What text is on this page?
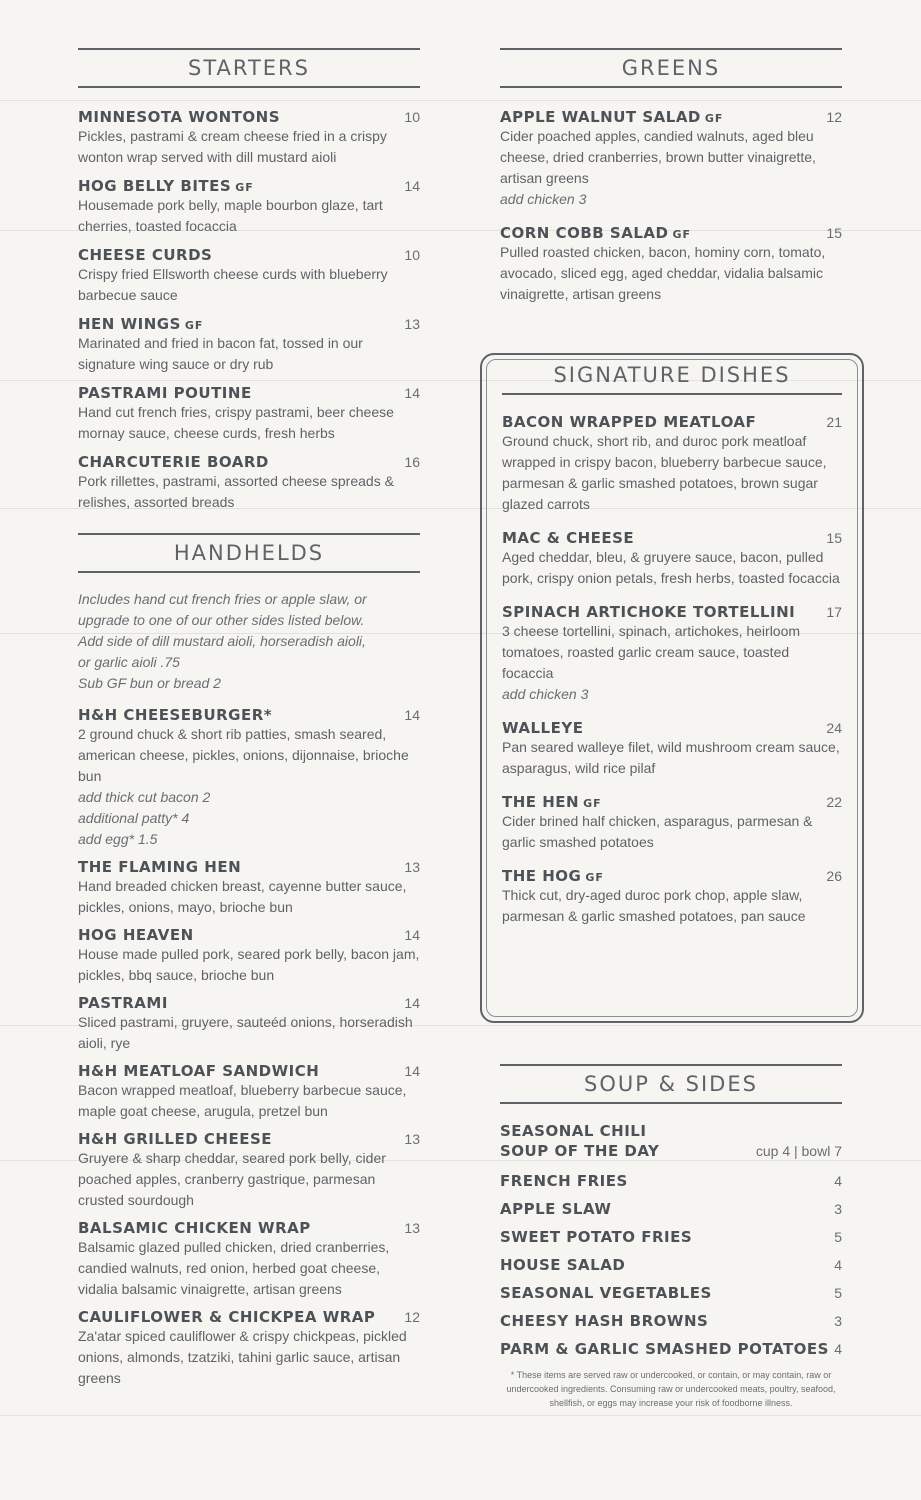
STARTERS
MINNESOTA WONTONS	10
Pickles, pastrami & cream cheese fried in a crispy wonton wrap served with dill mustard aioli
HOG BELLY BITES GF	14
Housemade pork belly, maple bourbon glaze, tart cherries, toasted focaccia
CHEESE CURDS	10
Crispy fried Ellsworth cheese curds with blueberry barbecue sauce
HEN WINGS GF	13
Marinated and fried in bacon fat, tossed in our signature wing sauce or dry rub
PASTRAMI POUTINE	14
Hand cut french fries, crispy pastrami, beer cheese mornay sauce, cheese curds, fresh herbs
CHARCUTERIE BOARD	16
Pork rillettes, pastrami, assorted cheese spreads & relishes, assorted breads
HANDHELDS
Includes hand cut french fries or apple slaw, or
upgrade to one of our other sides listed below.
Add side of dill mustard aioli, horseradish aioli,
or garlic aioli .75
Sub GF bun or bread 2
H&H CHEESEBURGER*	14
2 ground chuck & short rib patties, smash seared, american cheese, pickles, onions, dijonnaise, brioche bun
add thick cut bacon 2
additional patty* 4
add egg* 1.5
THE FLAMING HEN	13
Hand breaded chicken breast, cayenne butter sauce, pickles, onions, mayo, brioche bun
HOG HEAVEN	14
House made pulled pork, seared pork belly, bacon jam, pickles, bbq sauce, brioche bun
PASTRAMI	14
Sliced pastrami, gruyere, sauteéd onions, horseradish aioli, rye
H&H MEATLOAF SANDWICH	14
Bacon wrapped meatloaf, blueberry barbecue sauce, maple goat cheese, arugula, pretzel bun
H&H GRILLED CHEESE	13
Gruyere & sharp cheddar, seared pork belly, cider poached apples, cranberry gastrique, parmesan crusted sourdough
BALSAMIC CHICKEN WRAP	13
Balsamic glazed pulled chicken, dried cranberries, candied walnuts, red onion, herbed goat cheese, vidalia balsamic vinaigrette, artisan greens
CAULIFLOWER & CHICKPEA WRAP 12
Za'atar spiced cauliflower & crispy chickpeas, pickled onions, almonds, tzatziki, tahini garlic sauce, artisan greens
GREENS
APPLE WALNUT SALAD GF	12
Cider poached apples, candied walnuts, aged bleu cheese, dried cranberries, brown butter vinaigrette, artisan greens
add chicken 3
CORN COBB SALAD GF	15
Pulled roasted chicken, bacon, hominy corn, tomato, avocado, sliced egg, aged cheddar, vidalia balsamic vinaigrette, artisan greens
SIGNATURE DISHES
BACON WRAPPED MEATLOAF	21
Ground chuck, short rib, and duroc pork meatloaf wrapped in crispy bacon, blueberry barbecue sauce, parmesan & garlic smashed potatoes, brown sugar glazed carrots
MAC & CHEESE	15
Aged cheddar, bleu, & gruyere sauce, bacon, pulled pork, crispy onion petals, fresh herbs, toasted focaccia
SPINACH ARTICHOKE TORTELLINI 17
3 cheese tortellini, spinach, artichokes, heirloom tomatoes, roasted garlic cream sauce, toasted focaccia
add chicken 3
WALLEYE	24
Pan seared walleye filet, wild mushroom cream sauce, asparagus, wild rice pilaf
THE HEN GF	22
Cider brined half chicken, asparagus, parmesan & garlic smashed potatoes
THE HOG GF	26
Thick cut, dry-aged duroc pork chop, apple slaw, parmesan & garlic smashed potatoes, pan sauce
SOUP & SIDES
SEASONAL CHILI
SOUP OF THE DAY	cup 4 | bowl 7
FRENCH FRIES	4
APPLE SLAW	3
SWEET POTATO FRIES	5
HOUSE SALAD	4
SEASONAL VEGETABLES	5
CHEESY HASH BROWNS	3
PARM & GARLIC SMASHED POTATOES 4
* These items are served raw or undercooked, or contain, or may contain, raw or undercooked ingredients. Consuming raw or undercooked meats, poultry, seafood, shellfish, or eggs may increase your risk of foodborne illness.
